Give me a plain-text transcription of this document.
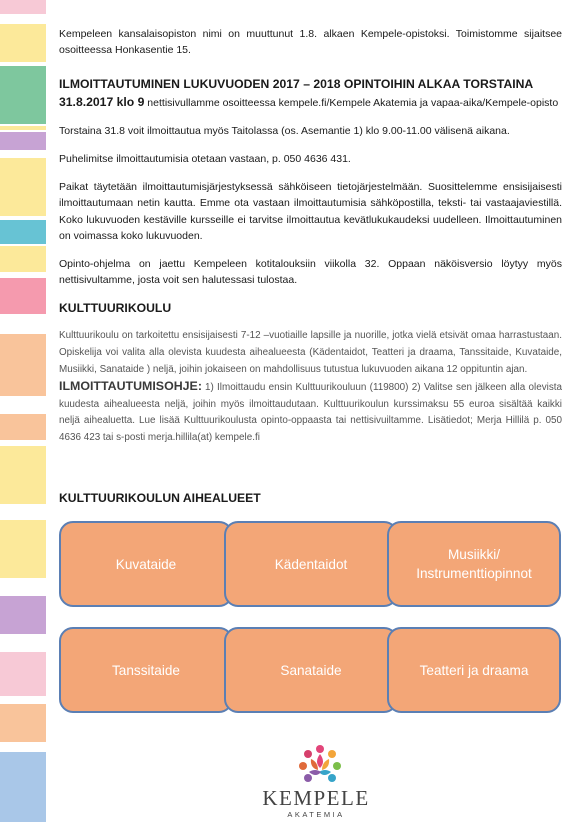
Kempeleen kansalaisopiston nimi on muuttunut 1.8. alkaen Kempele-opistoksi. Toimistomme sijaitsee osoitteessa Honkasentie 15.

ILMOITTAUTUMINEN LUKUVUODEN 2017 – 2018 OPINTOIHIN ALKAA TORSTAINA
31.8.2017 klo 9 nettisivullamme osoitteessa kempele.fi/Kempele Akatemia ja vapaa-aika/Kempele-opisto

Torstaina 31.8 voit ilmoittautua myös Taitolassa (os. Asemantie 1) klo 9.00-11.00 välisenä aikana.

Puhelimitse ilmoittautumisia otetaan vastaan, p. 050 4636 431.

Paikat täytetään ilmoittautumisjärjestyksessä sähköiseen tietojärjestelmään. Suosittelemme ensisijaisesti ilmoittautumaan netin kautta. Emme ota vastaan ilmoittautumisia sähköpostilla, teksti- tai vastaajaviestillä. Koko lukuvuoden kestäville kursseille ei tarvitse ilmoittautua kevätlukukaudeksi uudelleen. Ilmoittautuminen on voimassa koko lukuvuoden.

Opinto-ohjelma on jaettu Kempeleen kotitalouksiin viikolla 32. Oppaan näköisversio löytyy myös nettisivultamme, josta voit sen halutessasi tulostaa.

KULTTUURIKOULU

Kulttuurikoulu on tarkoitettu ensisijaisesti 7-12 –vuotiaille lapsille ja nuorille, jotka vielä etsivät omaa harrastustaan. Opiskelija voi valita alla olevista kuudesta aihealueesta (Kädentaidot, Teatteri ja draama, Tanssitaide, Kuvataide, Musiikki, Sanataide ) neljä, joihin jokaiseen on mahdollisuus tutustua lukuvuoden aikana 12 oppituntin ajan.

ILMOITTAUTUMISOHJE: 1) Ilmoittaudu ensin Kulttuurikouluun (119800) 2) Valitse sen jälkeen alla olevista kuudesta aihealueesta neljä, joihin myös ilmoittaudutaan. Kulttuurikoulun kurssimaksu 55 euroa sisältää kaikki neljä aihealuetta. Lue lisää Kulttuurikoulusta opinto-oppaasta tai nettisivuiltamme. Lisätiedot; Merja Hillilä p. 050 4636 423 tai s-posti merja.hillila(at) kempele.fi

KULTTUURIKOULUN AIHEALUEET
Kuvataide	Kädentaidot
Musiikki/
Instrumenttiopinnot
Tanssitaide	Sanataide	Teatteri ja draama
KEMPELE
AKATEMIA
